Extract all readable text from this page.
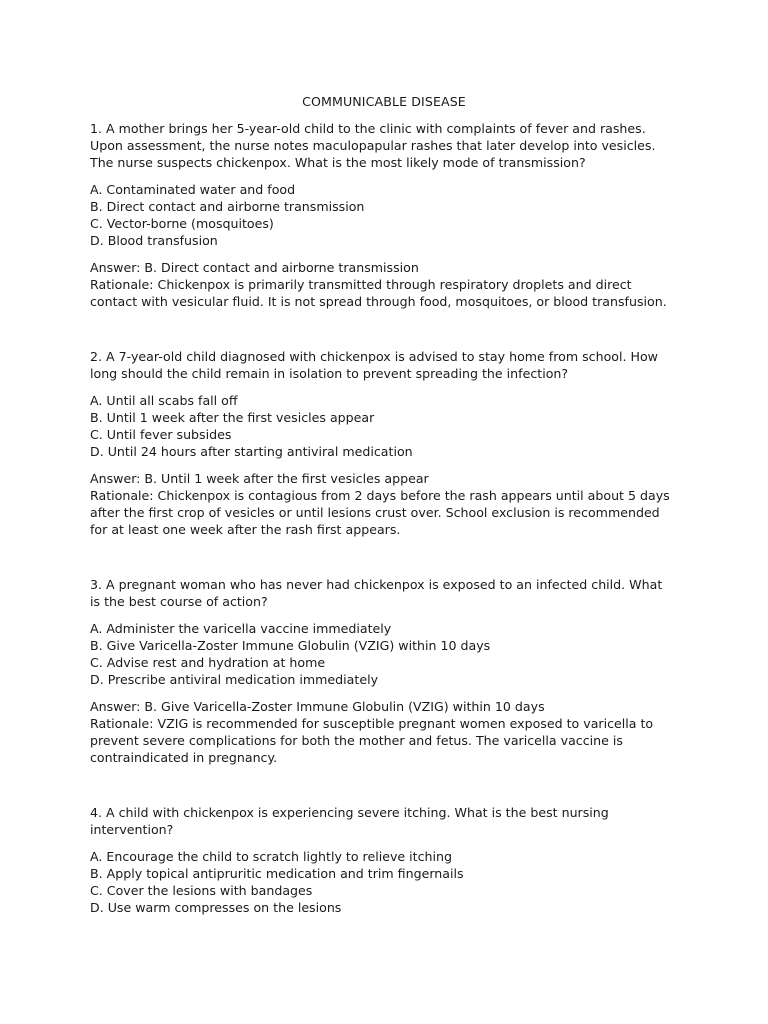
COMMUNICABLE DISEASE

1. A mother brings her 5-year-old child to the clinic with complaints of fever and rashes.

Upon assessment, the nurse notes maculopapular rashes that later develop into vesicles.

The nurse suspects chickenpox. What is the most likely mode of transmission?

A. Contaminated water and food

B. Direct contact and airborne transmission

C. Vector-borne (mosquitoes)

D. Blood transfusion

Answer: B. Direct contact and airborne transmission

Rationale: Chickenpox is primarily transmitted through respiratory droplets and direct

contact with vesicular fluid. It is not spread through food, mosquitoes, or blood transfusion.

2. A 7-year-old child diagnosed with chickenpox is advised to stay home from school. How

long should the child remain in isolation to prevent spreading the infection?

A. Until all scabs fall off

B. Until 1 week after the first vesicles appear

C. Until fever subsides

D. Until 24 hours after starting antiviral medication

Answer: B. Until 1 week after the first vesicles appear

Rationale: Chickenpox is contagious from 2 days before the rash appears until about 5 days

after the first crop of vesicles or until lesions crust over. School exclusion is recommended

for at least one week after the rash first appears.

3. A pregnant woman who has never had chickenpox is exposed to an infected child. What

is the best course of action?

A. Administer the varicella vaccine immediately

B. Give Varicella-Zoster Immune Globulin (VZIG) within 10 days

C. Advise rest and hydration at home

D. Prescribe antiviral medication immediately

Answer: B. Give Varicella-Zoster Immune Globulin (VZIG) within 10 days

Rationale: VZIG is recommended for susceptible pregnant women exposed to varicella to

prevent severe complications for both the mother and fetus. The varicella vaccine is

contraindicated in pregnancy.

4. A child with chickenpox is experiencing severe itching. What is the best nursing

intervention?

A. Encourage the child to scratch lightly to relieve itching

B. Apply topical antipruritic medication and trim fingernails

C. Cover the lesions with bandages

D. Use warm compresses on the lesions
